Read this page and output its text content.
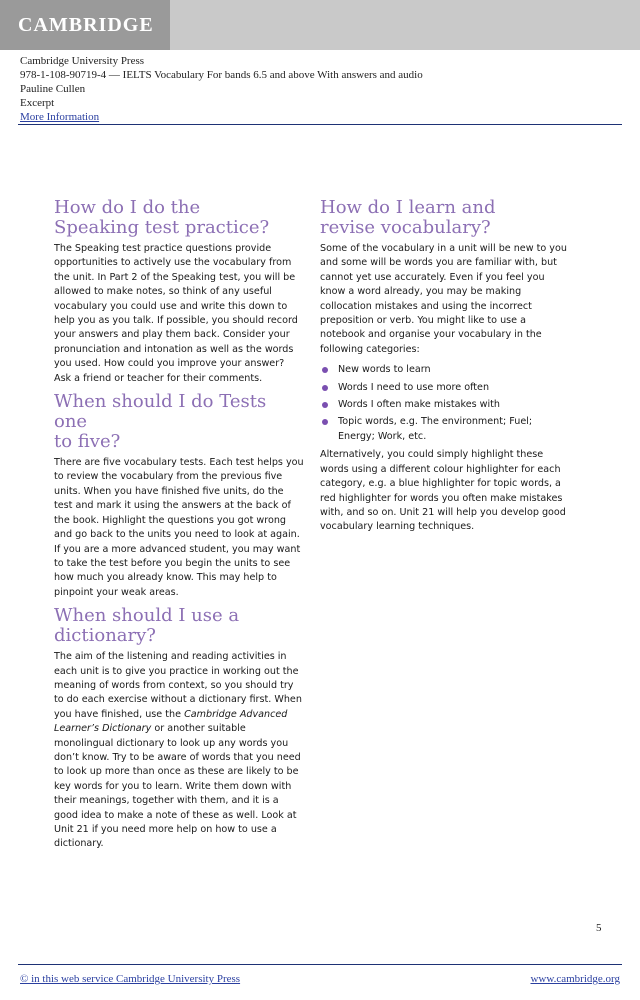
CAMBRIDGE
Cambridge University Press
978-1-108-90719-4 — IELTS Vocabulary For bands 6.5 and above With answers and audio
Pauline Cullen
Excerpt
More Information
How do I do the
Speaking test practice?

The Speaking test practice questions provide opportunities to actively use the vocabulary from the unit. In Part 2 of the Speaking test, you will be allowed to make notes, so think of any useful vocabulary you could use and write this down to help you as you talk. If possible, you should record your answers and play them back. Consider your pronunciation and intonation as well as the words you used. How could you improve your answer? Ask a friend or teacher for their comments.

When should I do Tests one
to five?

There are five vocabulary tests. Each test helps you to review the vocabulary from the previous five units. When you have finished five units, do the test and mark it using the answers at the back of the book. Highlight the questions you got wrong and go back to the units you need to look at again. If you are a more advanced student, you may want to take the test before you begin the units to see how much you already know. This may help to pinpoint your weak areas.

When should I use a
dictionary?

The aim of the listening and reading activities in each unit is to give you practice in working out the meaning of words from context, so you should try to do each exercise without a dictionary first. When you have finished, use the Cambridge Advanced Learner’s Dictionary or another suitable monolingual dictionary to look up any words you don’t know. Try to be aware of words that you need to look up more than once as these are likely to be key words for you to learn. Write them down with their meanings, together with them, and it is a good idea to make a note of these as well. Look at Unit 21 if you need more help on how to use a dictionary.

How do I learn and
revise vocabulary?

Some of the vocabulary in a unit will be new to you and some will be words you are familiar with, but cannot yet use accurately. Even if you feel you know a word already, you may be making collocation mistakes and using the incorrect preposition or verb. You might like to use a notebook and organise your vocabulary in the following categories:

New words to learn
Words I need to use more often
Words I often make mistakes with
Topic words, e.g. The environment; Fuel; Energy; Work, etc.

Alternatively, you could simply highlight these words using a different colour highlighter for each category, e.g. a blue highlighter for topic words, a red highlighter for words you often make mistakes with, and so on. Unit 21 will help you develop good vocabulary learning techniques.

5
© in this web service Cambridge University Press	www.cambridge.org
